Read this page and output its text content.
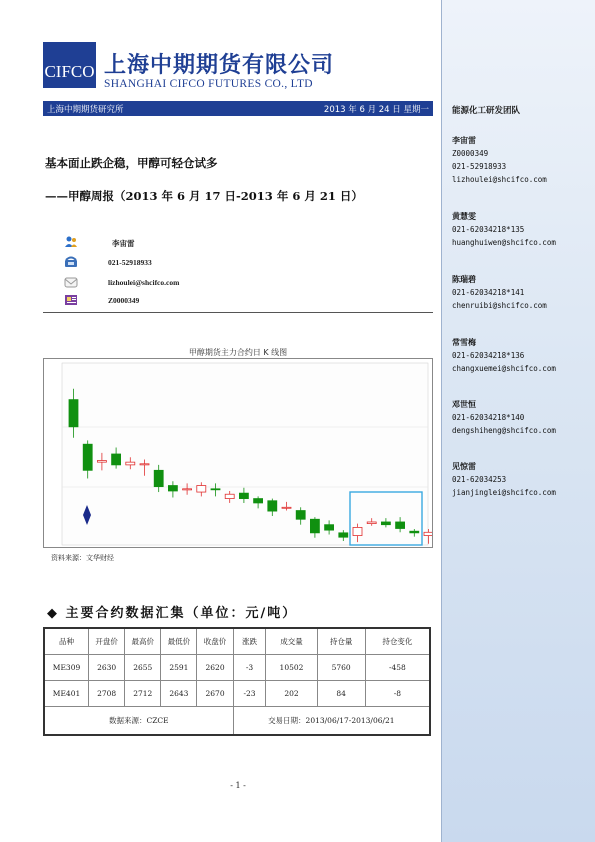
能源化工研发团队
李宙雷
Z0000349
021-52918933
lizhoulei@shcifco.com
黄慧雯
021-62034218*135
huanghuiwen@shcifco.com
陈瑞碧
021-62034218*141
chenruibi@shcifco.com
常雪梅
021-62034218*136
changxuemei@shcifco.com
邓世恒
021-62034218*140
dengshiheng@shcifco.com
见惊雷
021-62034253
jianjinglei@shcifco.com
CIFCO 上海中期期货有限公司
SHANGHAI CIFCO FUTURES CO., LTD
上海中期期货研究所	2013 年 6 月 24 日 星期一
基本面止跌企稳，甲醇可轻仓试多
——甲醇周报（2013 年 6 月 17 日-2013 年 6 月 21 日）
李宙雷
021-52918933
lizhoulei@shcifco.com
Z0000349
甲醇期货主力合约日 K 线图
资料来源：文华财经
◆ 主要合约数据汇集（单位：元/吨）
品种	开盘价	最高价	最低价	收盘价	涨跌	成交量	持仓量	持仓变化
ME309	2630	2655	2591	2620	-3	10502	5760	-458
ME401	2708	2712	2643	2670	-23	202	84	-8
数据来源：CZCE					交易日期：2013/06/17-2013/06/21			
- 1 -
